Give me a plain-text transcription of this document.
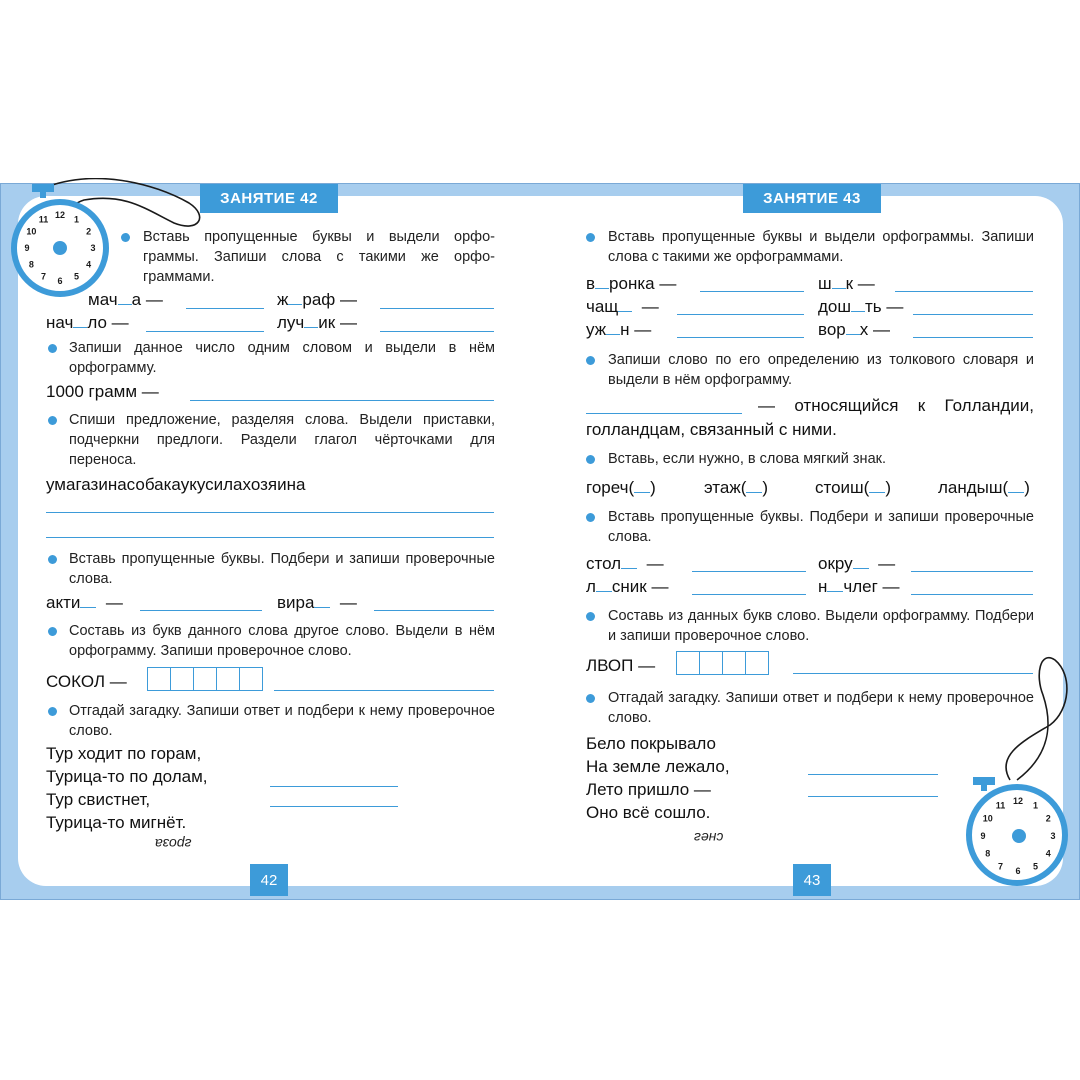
ЗАНЯТИЕ 42
12 1
2
3
4
5
6
7
8
9
10
11
Вставь пропущенные буквы и выдели орфо-граммы. Запиши слова с такими же орфо-граммами.
мач а —	ж раф —
нач ло —	луч ик —
Запиши данное число одним словом и выдели в нём орфограмму.
1000 грамм —
Спиши предложение, разделяя слова. Выдели приставки, подчеркни предлоги. Раздели глагол чёрточками для переноса.
умагазинасобакаукусилахозяина
Вставь пропущенные буквы. Подбери и запиши проверочные слова.
акти —	вира —
Составь из букв данного слова другое слово. Выдели в нём орфограмму. Запиши проверочное слово.
СОКОЛ —
Отгадай загадку. Запиши ответ и подбери к нему проверочное слово.
Тур ходит по горам,
Турица-то по долам,
Тур свистнет,
Турица-то мигнёт.
гроза
42
ЗАНЯТИЕ 43
Вставь пропущенные буквы и выдели орфограммы. Запиши слова с такими же орфограммами.
в ронка —	ш к —
чащ —	дош ть —
уж н —	вор х —
Запиши слово по его определению из толкового словаря и выдели в нём орфограмму.
— относящийся к Голландии,
голландцам, связанный с ними.
Вставь, если нужно, в слова мягкий знак.
гореч( )	этаж( )	стоиш( )	ландыш( )
Вставь пропущенные буквы. Подбери и запиши проверочные слова.
стол —	окру —
л сник —	н члег —
Составь из данных букв слово. Выдели орфограмму. Подбери и запиши проверочное слово.
ЛВОП —
Отгадай загадку. Запиши ответ и подбери к нему проверочное слово.
Бело покрывало
На земле лежало,
Лето пришло —
Оно всё сошло.
снег
43
12 1
2
3
4
5
6
7
8
9
10
11
